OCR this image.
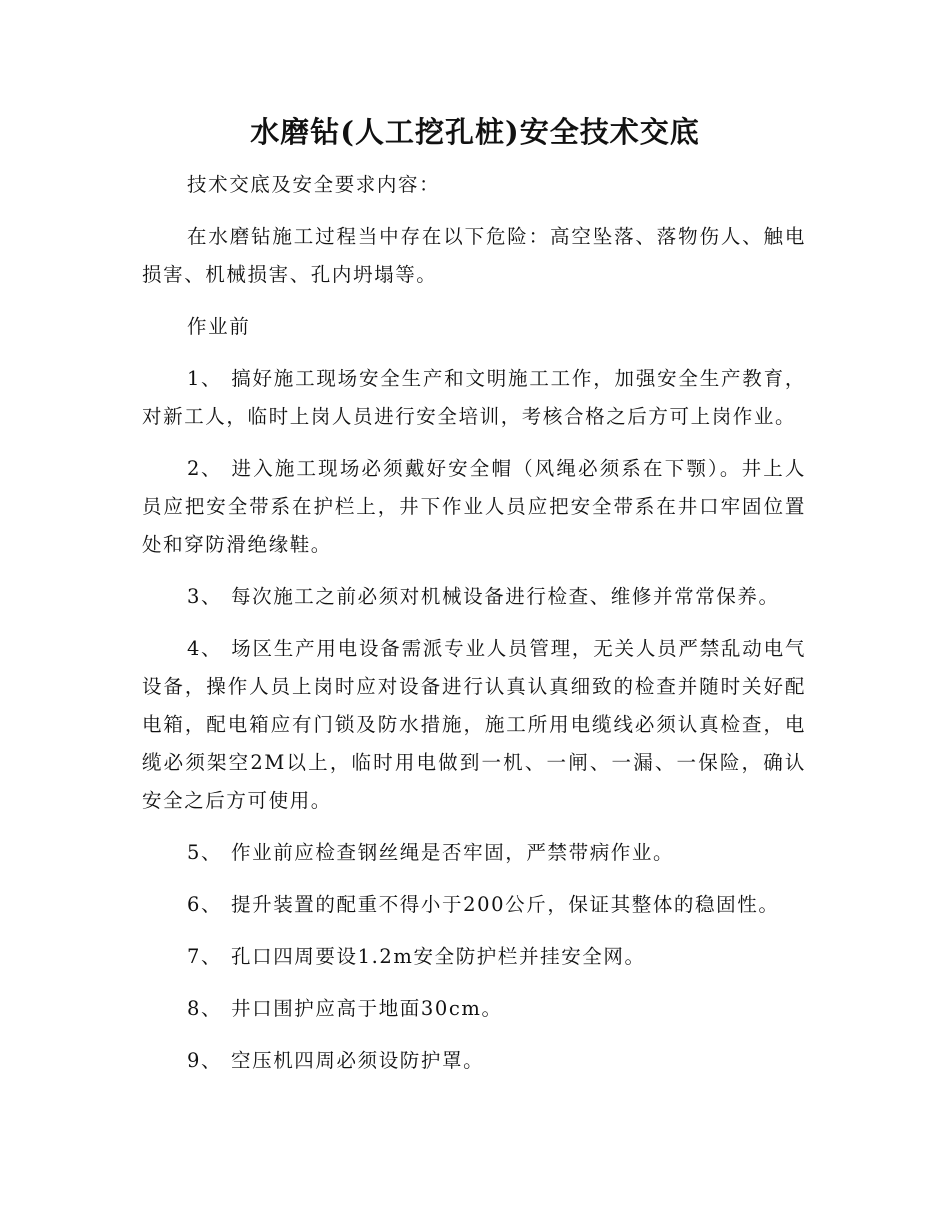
水磨钻(人工挖孔桩)安全技术交底

技术交底及安全要求内容：

在水磨钻施工过程当中存在以下危险：高空坠落、落物伤人、触电损害、机械损害、孔内坍塌等。

作业前

1、 搞好施工现场安全生产和文明施工工作，加强安全生产教育，对新工人，临时上岗人员进行安全培训，考核合格之后方可上岗作业。

2、 进入施工现场必须戴好安全帽（风绳必须系在下颚）。井上人员应把安全带系在护栏上，井下作业人员应把安全带系在井口牢固位置处和穿防滑绝缘鞋。

3、 每次施工之前必须对机械设备进行检查、维修并常常保养。

4、 场区生产用电设备需派专业人员管理，无关人员严禁乱动电气设备，操作人员上岗时应对设备进行认真认真细致的检查并随时关好配电箱，配电箱应有门锁及防水措施，施工所用电缆线必须认真检查，电缆必须架空2M以上，临时用电做到一机、一闸、一漏、一保险，确认安全之后方可使用。

5、 作业前应检查钢丝绳是否牢固，严禁带病作业。

6、 提升装置的配重不得小于200公斤，保证其整体的稳固性。

7、 孔口四周要设1.2m安全防护栏并挂安全网。

8、 井口围护应高于地面30cm。

9、 空压机四周必须设防护罩。
